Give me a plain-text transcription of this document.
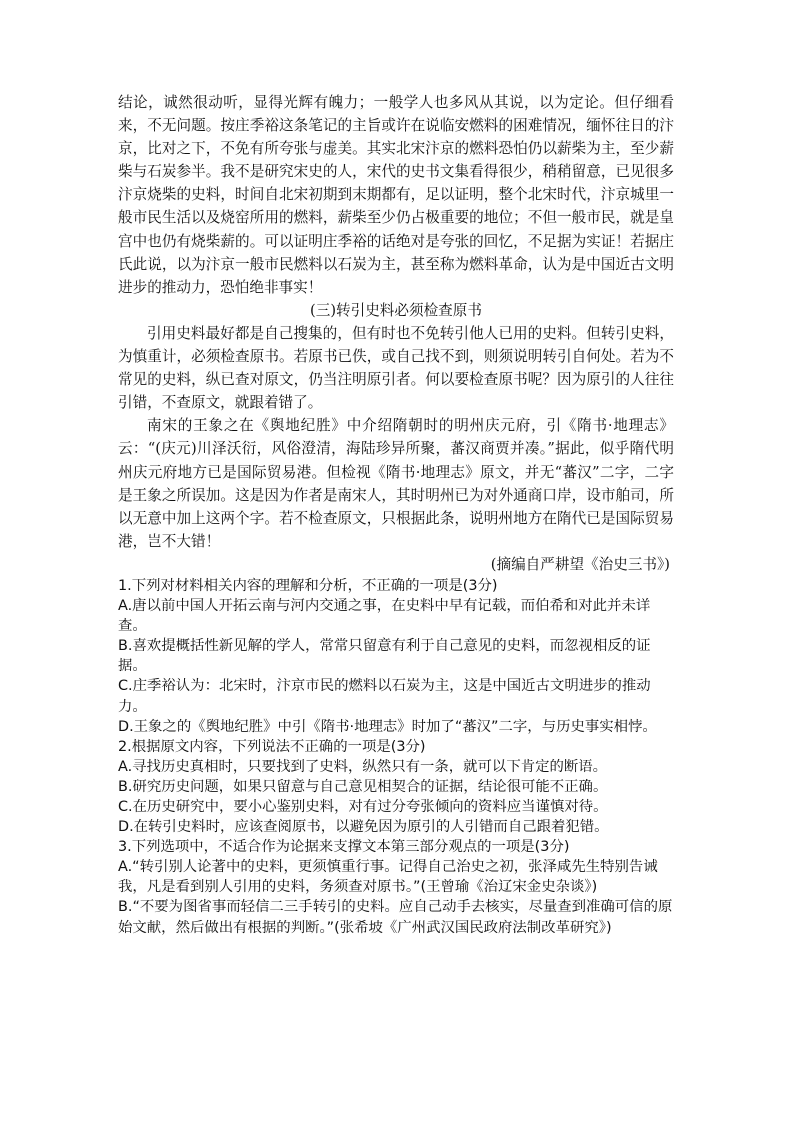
结论，诚然很动听，显得光辉有魄力；一般学人也多风从其说，以为定论。但仔细看来，不无问题。按庄季裕这条笔记的主旨或许在说临安燃料的困难情况，缅怀往日的汴京，比对之下，不免有所夸张与虚美。其实北宋汴京的燃料恐怕仍以薪柴为主，至少薪柴与石炭参半。我不是研究宋史的人，宋代的史书文集看得很少，稍稍留意，已见很多汴京烧柴的史料，时间自北宋初期到末期都有，足以证明，整个北宋时代，汴京城里一般市民生活以及烧窑所用的燃料，薪柴至少仍占极重要的地位；不但一般市民，就是皇宫中也仍有烧柴薪的。可以证明庄季裕的话绝对是夸张的回忆，不足据为实证！若据庄氏此说，以为汴京一般市民燃料以石炭为主，甚至称为燃料革命，认为是中国近古文明进步的推动力，恐怕绝非事实！

(三)转引史料必须检查原书

引用史料最好都是自己搜集的，但有时也不免转引他人已用的史料。但转引史料，为慎重计，必须检查原书。若原书已佚，或自己找不到，则须说明转引自何处。若为不常见的史料，纵已查对原文，仍当注明原引者。何以要检查原书呢？因为原引的人往往引错，不查原文，就跟着错了。

南宋的王象之在《舆地纪胜》中介绍隋朝时的明州庆元府，引《隋书·地理志》云：“(庆元)川泽沃衍，风俗澄清，海陆珍异所聚，蕃汉商贾并凑。”据此，似乎隋代明州庆元府地方已是国际贸易港。但检视《隋书·地理志》原文，并无“蕃汉”二字，二字是王象之所误加。这是因为作者是南宋人，其时明州已为对外通商口岸，设市舶司，所以无意中加上这两个字。若不检查原文，只根据此条，说明州地方在隋代已是国际贸易港，岂不大错！

(摘编自严耕望《治史三书》)

1.下列对材料相关内容的理解和分析，不正确的一项是(3分)

A.唐以前中国人开拓云南与河内交通之事，在史料中早有记载，而伯希和对此并未详查。

B.喜欢提概括性新见解的学人，常常只留意有利于自己意见的史料，而忽视相反的证据。

C.庄季裕认为：北宋时，汴京市民的燃料以石炭为主，这是中国近古文明进步的推动力。

D.王象之的《舆地纪胜》中引《隋书·地理志》时加了“蕃汉”二字，与历史事实相悖。

2.根据原文内容，下列说法不正确的一项是(3分)

A.寻找历史真相时，只要找到了史料，纵然只有一条，就可以下肯定的断语。

B.研究历史问题，如果只留意与自己意见相契合的证据，结论很可能不正确。

C.在历史研究中，要小心鉴别史料，对有过分夸张倾向的资料应当谨慎对待。

D.在转引史料时，应该查阅原书，以避免因为原引的人引错而自己跟着犯错。

3.下列选项中，不适合作为论据来支撑文本第三部分观点的一项是(3分)

A.“转引别人论著中的史料，更须慎重行事。记得自己治史之初，张泽咸先生特别告诫我，凡是看到别人引用的史料，务须查对原书。”(王曾瑜《治辽宋金史杂谈》)

B.“不要为图省事而轻信二三手转引的史料。应自己动手去核实，尽量查到准确可信的原始文献，然后做出有根据的判断。”(张希坡《广州武汉国民政府法制改革研究》)
